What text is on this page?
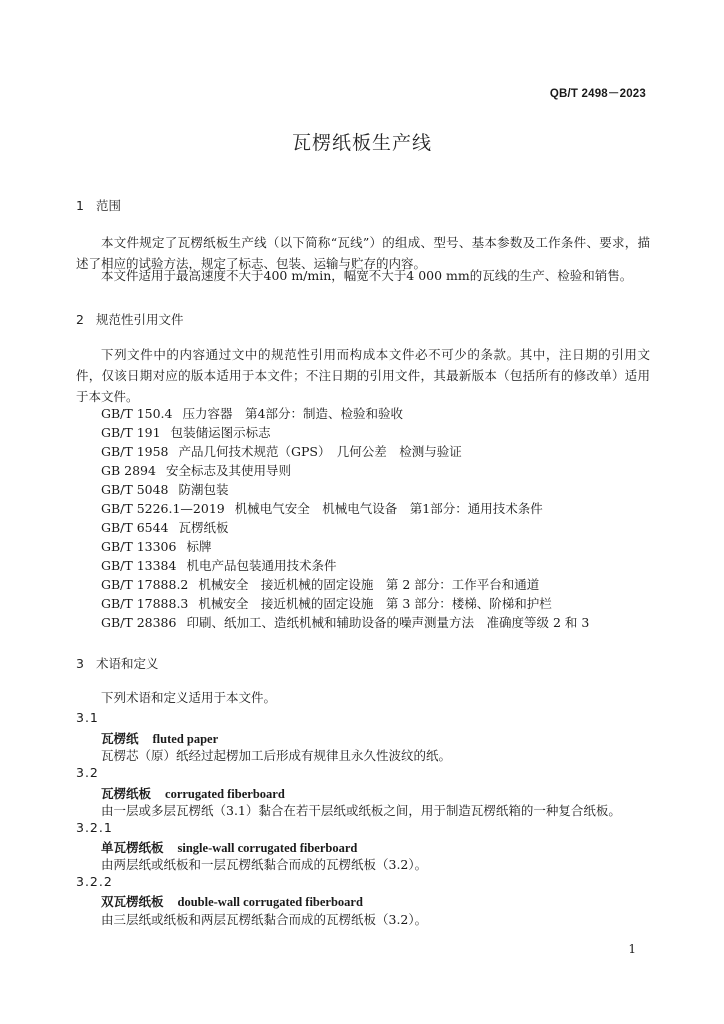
QB/T 2498－2023
瓦楞纸板生产线
1 范围
本文件规定了瓦楞纸板生产线（以下简称“瓦线”）的组成、型号、基本参数及工作条件、要求，描述了相应的试验方法，规定了标志、包装、运输与贮存的内容。
本文件适用于最高速度不大于400 m/min，幅宽不大于4 000 mm的瓦线的生产、检验和销售。
2 规范性引用文件
下列文件中的内容通过文中的规范性引用而构成本文件必不可少的条款。其中，注日期的引用文件，仅该日期对应的版本适用于本文件；不注日期的引用文件，其最新版本（包括所有的修改单）适用于本文件。
GB/T 150.4 压力容器　第4部分：制造、检验和验收
GB/T 191 包装储运图示标志
GB/T 1958 产品几何技术规范（GPS）　几何公差　检测与验证
GB 2894 安全标志及其使用导则
GB/T 5048 防潮包装
GB/T 5226.1—2019 机械电气安全　机械电气设备　第1部分：通用技术条件
GB/T 6544 瓦楞纸板
GB/T 13306 标牌
GB/T 13384 机电产品包装通用技术条件
GB/T 17888.2 机械安全　接近机械的固定设施　第 2 部分：工作平台和通道
GB/T 17888.3 机械安全　接近机械的固定设施　第 3 部分：楼梯、阶梯和护栏
GB/T 28386 印刷、纸加工、造纸机械和辅助设备的噪声测量方法　准确度等级 2 和 3
3 术语和定义
下列术语和定义适用于本文件。
3.1
瓦楞纸 fluted paper
瓦楞芯（原）纸经过起楞加工后形成有规律且永久性波纹的纸。
3.2
瓦楞纸板 corrugated fiberboard
由一层或多层瓦楞纸（3.1）黏合在若干层纸或纸板之间，用于制造瓦楞纸箱的一种复合纸板。
3.2.1
单瓦楞纸板 single-wall corrugated fiberboard
由两层纸或纸板和一层瓦楞纸黏合而成的瓦楞纸板（3.2）。
3.2.2
双瓦楞纸板 double-wall corrugated fiberboard
由三层纸或纸板和两层瓦楞纸黏合而成的瓦楞纸板（3.2）。
1
